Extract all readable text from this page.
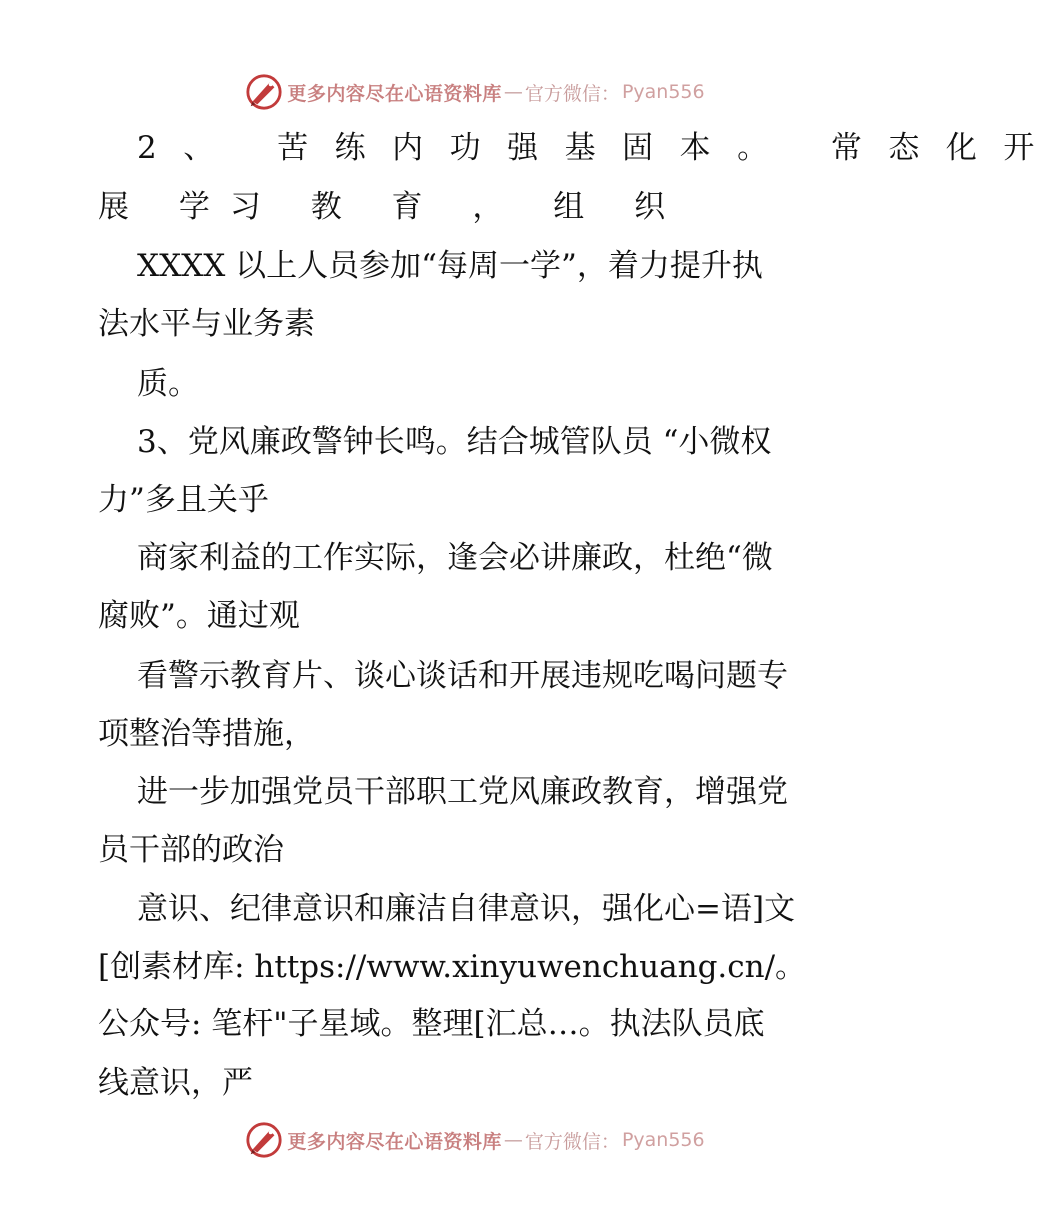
更多内容尽在心语资料库 — 官方微信： Pyan556
2、 苦练内功强基固本。 常态化开
展 学习 教 育 ， 组 织
XXXX 以上人员参加“每周一学”，着力提升执
法水平与业务素
质。
3、党风廉政警钟长鸣。结合城管队员 “小微权
力”多且关乎
商家利益的工作实际，逢会必讲廉政，杜绝“微
腐败”。通过观
看警示教育片、谈心谈话和开展违规吃喝问题专
项整治等措施，
进一步加强党员干部职工党风廉政教育，增强党
员干部的政治
意识、纪律意识和廉洁自律意识，强化心=语]文
[创素材库: https://www.xinyuwenchuang.cn/。
公众号: 笔杆"子星域。整理[汇总…。执法队员底
线意识，严
更多内容尽在心语资料库 — 官方微信： Pyan556
